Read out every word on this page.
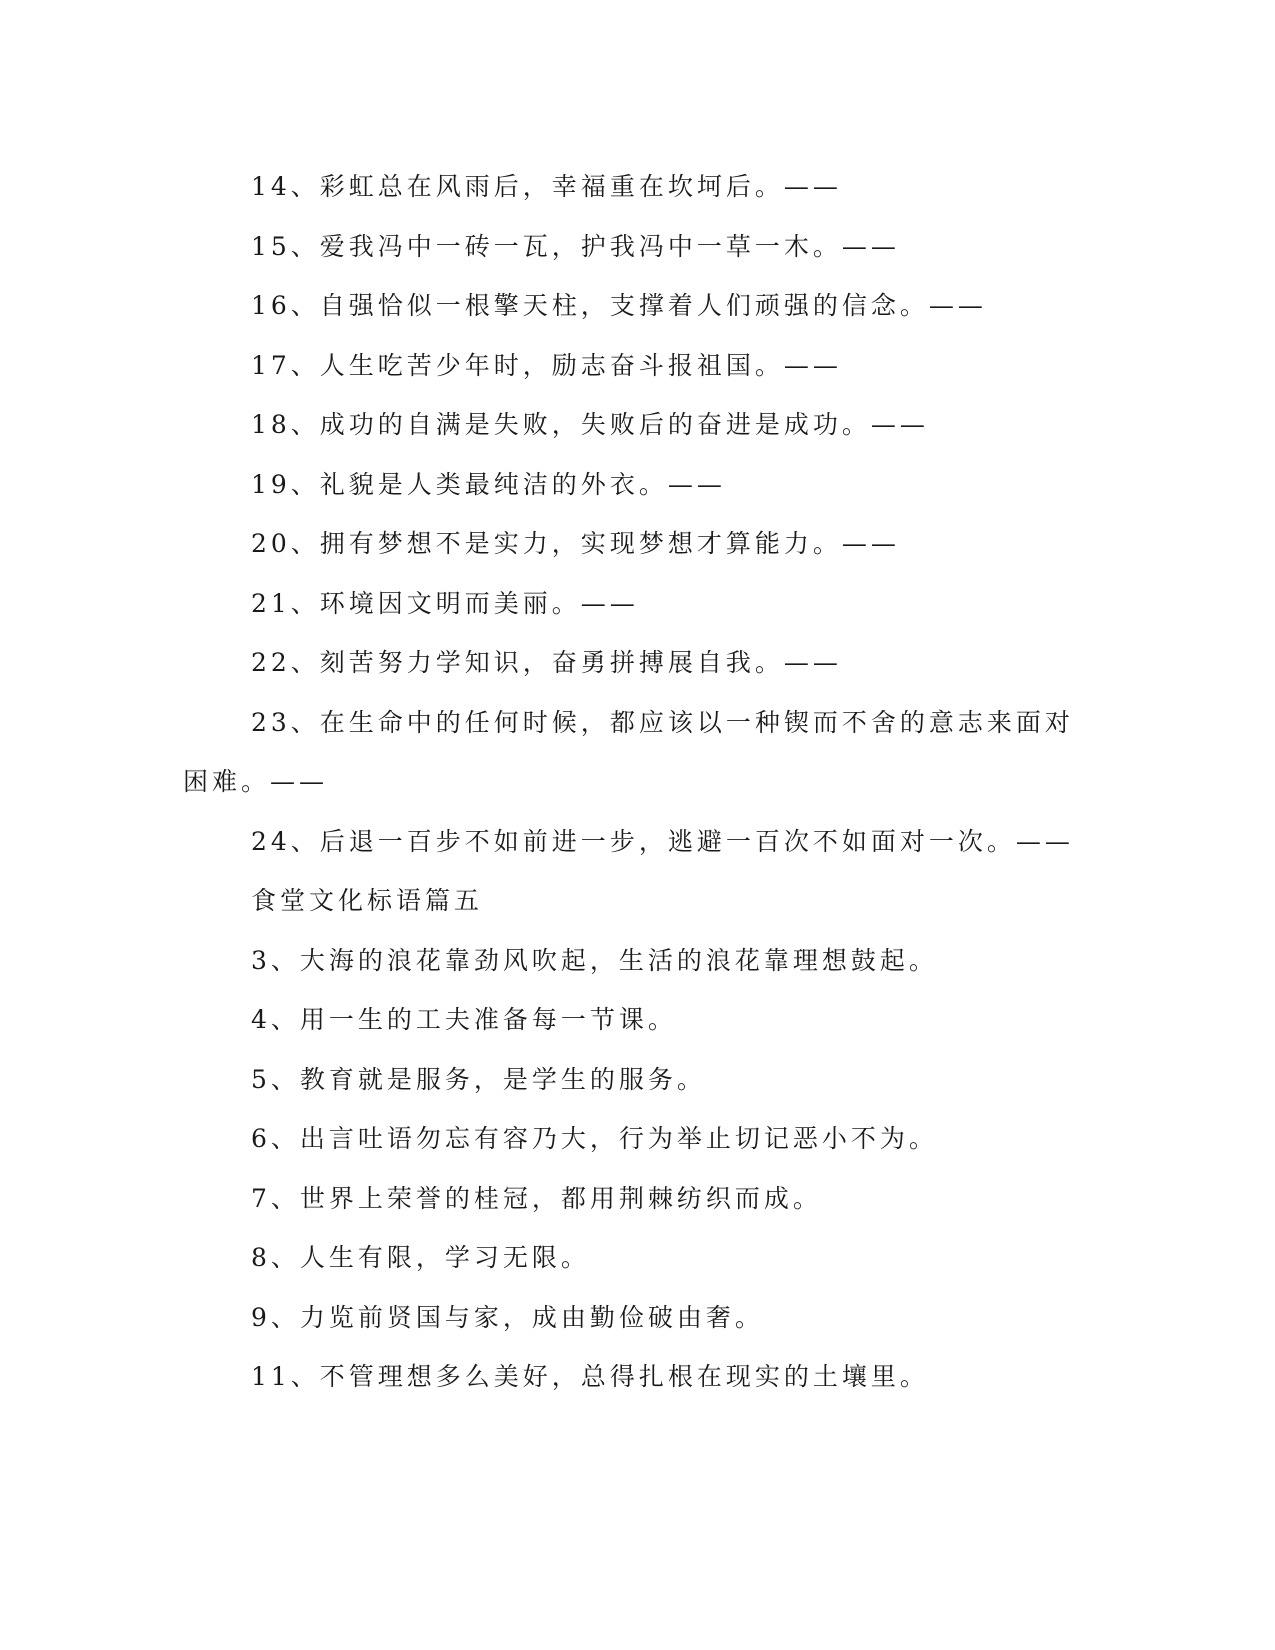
14、彩虹总在风雨后，幸福重在坎坷后。——
15、爱我冯中一砖一瓦，护我冯中一草一木。——
16、自强恰似一根擎天柱，支撑着人们顽强的信念。——
17、人生吃苦少年时，励志奋斗报祖国。——
18、成功的自满是失败，失败后的奋进是成功。——
19、礼貌是人类最纯洁的外衣。——
20、拥有梦想不是实力，实现梦想才算能力。——
21、环境因文明而美丽。——
22、刻苦努力学知识，奋勇拼搏展自我。——
23、在生命中的任何时候，都应该以一种锲而不舍的意志来面对
困难。——
24、后退一百步不如前进一步，逃避一百次不如面对一次。——
食堂文化标语篇五
3、大海的浪花靠劲风吹起，生活的浪花靠理想鼓起。
4、用一生的工夫准备每一节课。
5、教育就是服务，是学生的服务。
6、出言吐语勿忘有容乃大，行为举止切记恶小不为。
7、世界上荣誉的桂冠，都用荆棘纺织而成。
8、人生有限，学习无限。
9、力览前贤国与家，成由勤俭破由奢。
11、不管理想多么美好，总得扎根在现实的土壤里。
